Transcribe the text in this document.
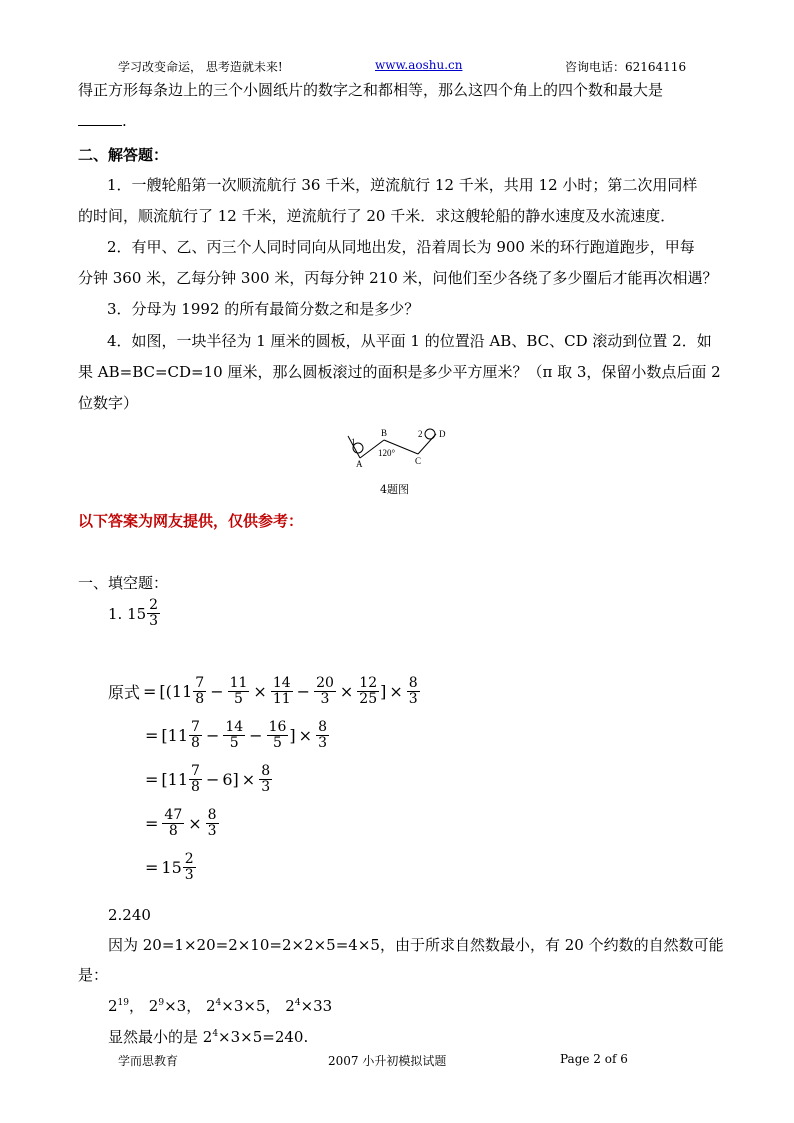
学习改变命运， 思考造就未来!	www.aoshu.cn	咨询电话：62164116
得正方形每条边上的三个小圆纸片的数字之和都相等，那么这四个角上的四个数和最大是
.
二、解答题：
1．一艘轮船第一次顺流航行 36 千米，逆流航行 12 千米，共用 12 小时；第二次用同样
的时间，顺流航行了 12 千米，逆流航行了 20 千米．求这艘轮船的静水速度及水流速度．
2．有甲、乙、丙三个人同时同向从同地出发，沿着周长为 900 米的环行跑道跑步，甲每
分钟 360 米，乙每分钟 300 米，丙每分钟 210 米，问他们至少各绕了多少圈后才能再次相遇？
3．分母为 1992 的所有最简分数之和是多少？
4．如图，一块半径为 1 厘米的圆板，从平面 1 的位置沿 AB、BC、CD 滚动到位置 2．如
果 AB=BC=CD=10 厘米，那么圆板滚过的面积是多少平方厘米？（π 取 3，保留小数点后面 2
位数字）
1
A
B
C
2 D
120°
4题图
以下答案为网友提供，仅供参考：
一、填空题：
1. $15 \frac{2}{3}$
原式 = [($11 \frac{7}{8} - \frac{11}{5} \times \frac{14}{11} - \frac{20}{3} \times \frac{12}{25}$ ] × $\frac{8}{3}$
= [$11 \frac{7}{8} - \frac{14}{5} - \frac{16}{5}$ ] × $\frac{8}{3}$
= [$11 \frac{7}{8} - 6$ ] × $\frac{8}{3}$
= $\frac{47}{8} \times \frac{8}{3}$
= $15 \frac{2}{3}$
2.240
因为 20=1×20=2×10=2×2×5=4×5，由于所求自然数最小，有 20 个约数的自然数可能
是：
$2^{19}$， $2^9\times 3$， $2^4\times 3\times 5$， $2^4\times 33$
显然最小的是 $2^4\times 3\times 5=240$.
学而思教育	2007 小升初模拟试题	Page 2 of 6
